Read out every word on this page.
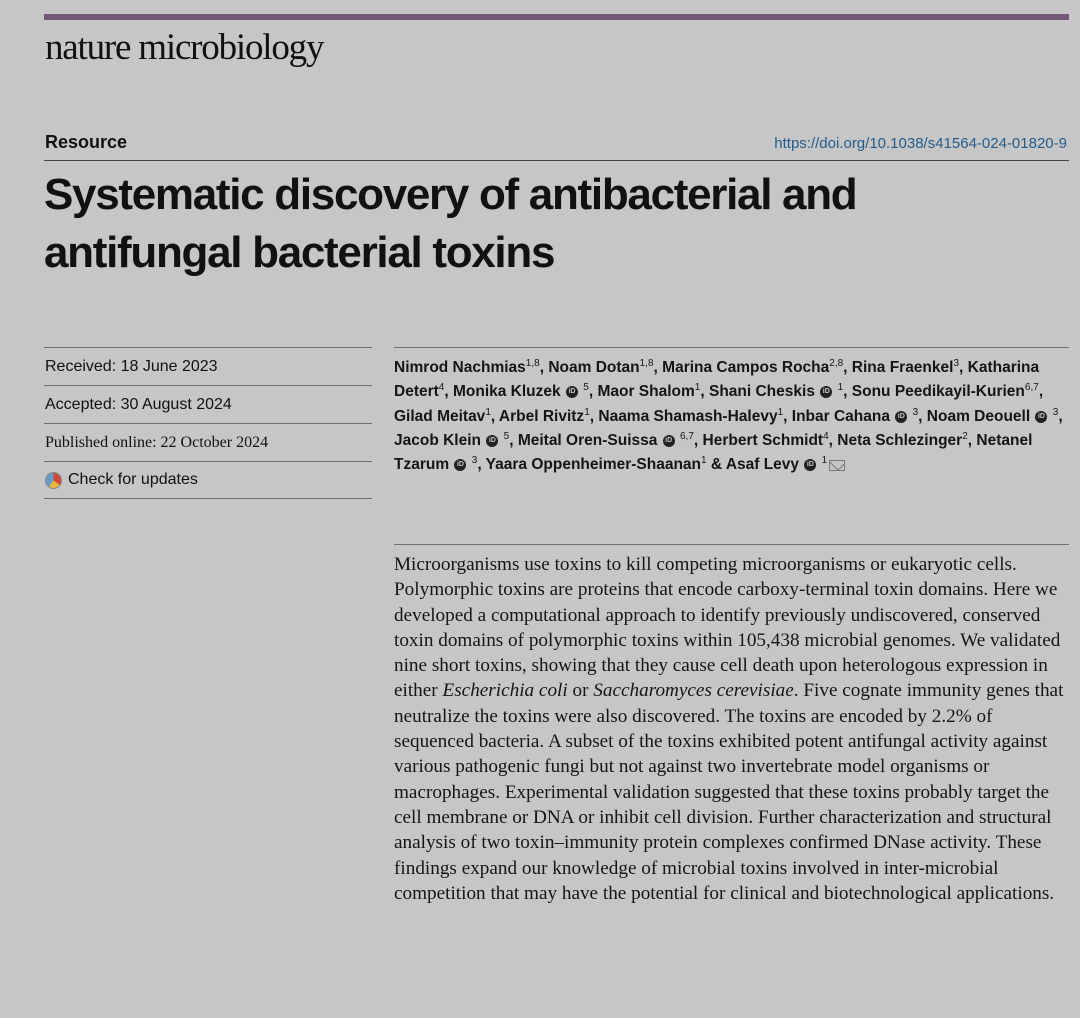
nature microbiology
Resource	https://doi.org/10.1038/s41564-024-01820-9
Systematic discovery of antibacterial and antifungal bacterial toxins
Received: 18 June 2023
Accepted: 30 August 2024
Published online: 22 October 2024
Check for updates
Nimrod Nachmias$^{1,8}$, Noam Dotan$^{1,8}$, Marina Campos Rocha$^{2,8}$, Rina Fraenkel$^3$, Katharina Detert$^4$, Monika Kluzek iD $^5$, Maor Shalom$^1$, Shani Cheskis iD $^1$, Sonu Peedikayil-Kurien$^{6,7}$, Gilad Meitav$^1$, Arbel Rivitz$^1$, Naama Shamash-Halevy$^1$, Inbar Cahana iD $^3$, Noam Deouell iD $^3$, Jacob Klein iD $^5$, Meital Oren-Suissa iD $^{6,7}$, Herbert Schmidt$^4$, Neta Schlezinger$^2$, Netanel Tzarum iD $^3$, Yaara Oppenheimer-Shaanan$^1$ & Asaf Levy iD $^1$

Microorganisms use toxins to kill competing microorganisms or eukaryotic cells. Polymorphic toxins are proteins that encode carboxy-terminal toxin domains. Here we developed a computational approach to identify previously undiscovered, conserved toxin domains of polymorphic toxins within 105,438 microbial genomes. We validated nine short toxins, showing that they cause cell death upon heterologous expression in either Escherichia coli or Saccharomyces cerevisiae. Five cognate immunity genes that neutralize the toxins were also discovered. The toxins are encoded by 2.2% of sequenced bacteria. A subset of the toxins exhibited potent antifungal activity against various pathogenic fungi but not against two invertebrate model organisms or macrophages. Experimental validation suggested that these toxins probably target the cell membrane or DNA or inhibit cell division. Further characterization and structural analysis of two toxin–immunity protein complexes confirmed DNase activity. These findings expand our knowledge of microbial toxins involved in inter-microbial competition that may have the potential for clinical and biotechnological applications.
